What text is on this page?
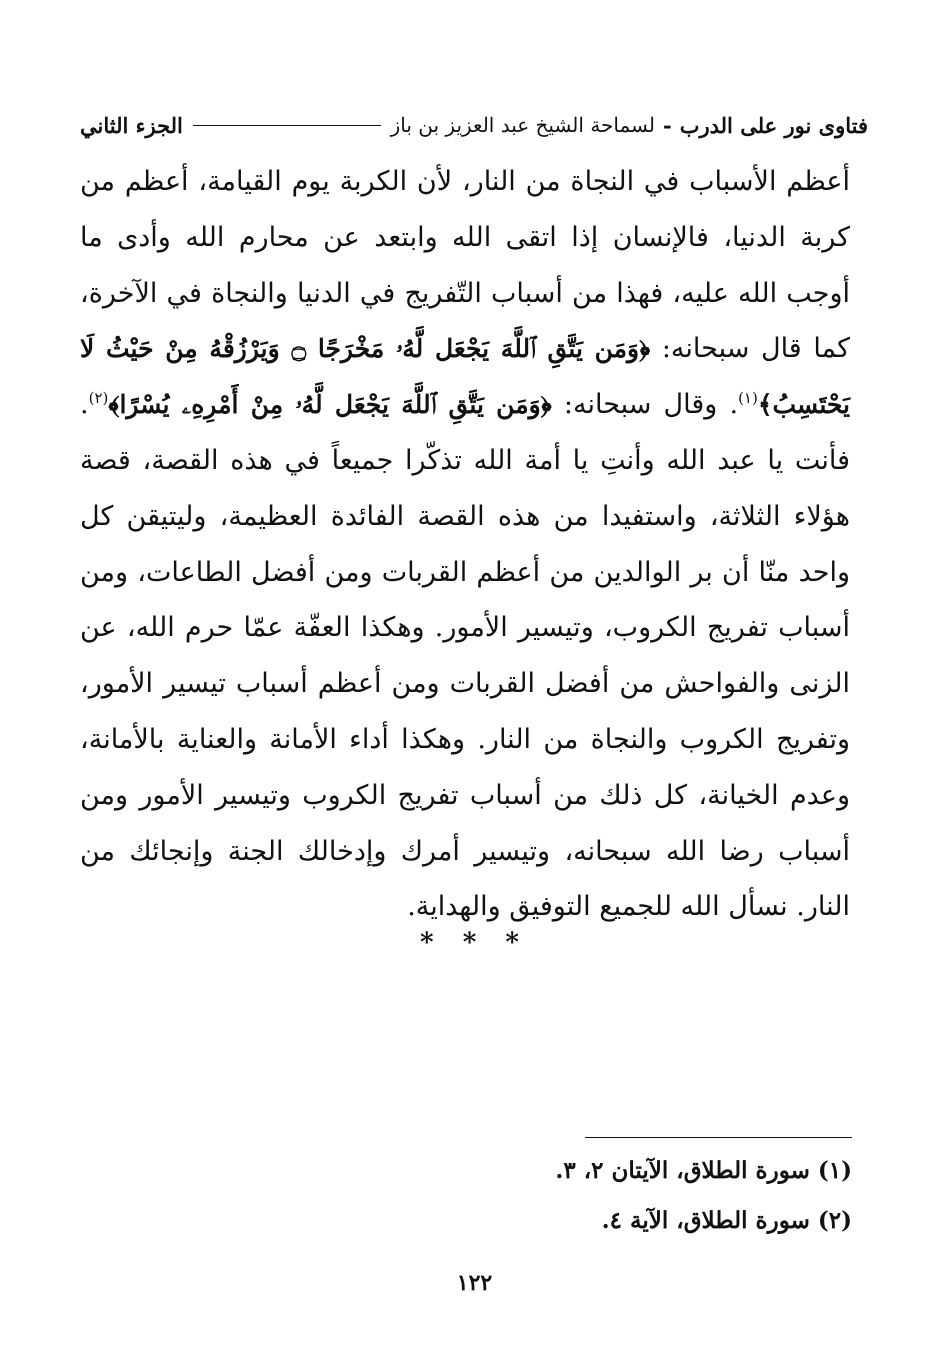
فتاوى نور على الدرب
-
لسماحة الشيخ عبد العزيز بن باز
الجزء الثاني

أعظم الأسباب في النجاة من النار، لأن الكربة يوم القيامة، أعظم من كربة الدنيا، فالإنسان إذا اتقى الله وابتعد عن محارم الله وأدى ما أوجب الله عليه، فهذا من أسباب التّفريج في الدنيا والنجاة في الآخرة، كما قال سبحانه: ﴿وَمَن يَتَّقِ ٱللَّهَ يَجْعَل لَّهُۥ مَخْرَجًا ۝ وَيَرْزُقْهُ مِنْ حَيْثُ لَا يَحْتَسِبُ﴾$^{(١)}$. وقال سبحانه: ﴿وَمَن يَتَّقِ ٱللَّهَ يَجْعَل لَّهُۥ مِنْ أَمْرِهِۦ يُسْرًا﴾$^{(٢)}$. فأنت يا عبد الله وأنتِ يا أمة الله تذكّرا جميعاً في هذه القصة، قصة هؤلاء الثلاثة، واستفيدا من هذه القصة الفائدة العظيمة، وليتيقن كل واحد منّا أن بر الوالدين من أعظم القربات ومن أفضل الطاعات، ومن أسباب تفريج الكروب، وتيسير الأمور. وهكذا العفّة عمّا حرم الله، عن الزنى والفواحش من أفضل القربات ومن أعظم أسباب تيسير الأمور، وتفريج الكروب والنجاة من النار. وهكذا أداء الأمانة والعناية بالأمانة، وعدم الخيانة، كل ذلك من أسباب تفريج الكروب وتيسير الأمور ومن أسباب رضا الله سبحانه، وتيسير أمرك وإدخالك الجنة وإنجائك من النار. نسأل الله للجميع التوفيق والهداية.

* * *

(١) سورة الطلاق، الآيتان ٢، ٣.

(٢) سورة الطلاق، الآية ٤.

١٢٢
